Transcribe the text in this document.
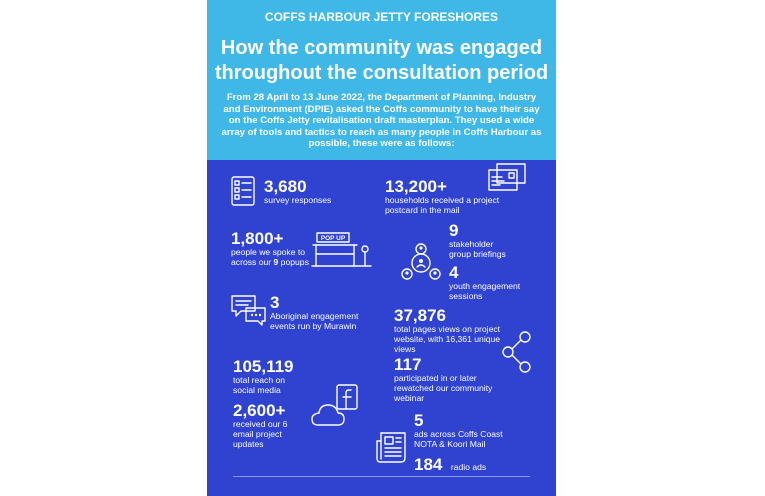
COFFS HARBOUR JETTY FORESHORES
How the community was engaged throughout the consultation period
From 28 April to 13 June 2022, the Department of Planning, Industry and Environment (DPIE) asked the Coffs community to have their say on the Coffs Jetty revitalisation draft masterplan. They used a wide array of tools and tactics to reach as many people in Coffs Harbour as possible, these were as follows:
3,680
survey responses
13,200+
households received a project
postcard in the mail
1,800+
people we spoke to
across our 9 popups
POP UP	9
stakeholder
group briefings
4
youth engagement
sessions
3
Aboriginal engagement
events run by Murawin
37,876
total pages views on project
website, with 16,361 unique
views
105,119
total reach on
social media
117
participated in or later
rewatched our community
webinar
2,600+
received our 6
email project
updates
5
ads across Coffs Coast
NOTA & Koori Mail
184 radio ads
